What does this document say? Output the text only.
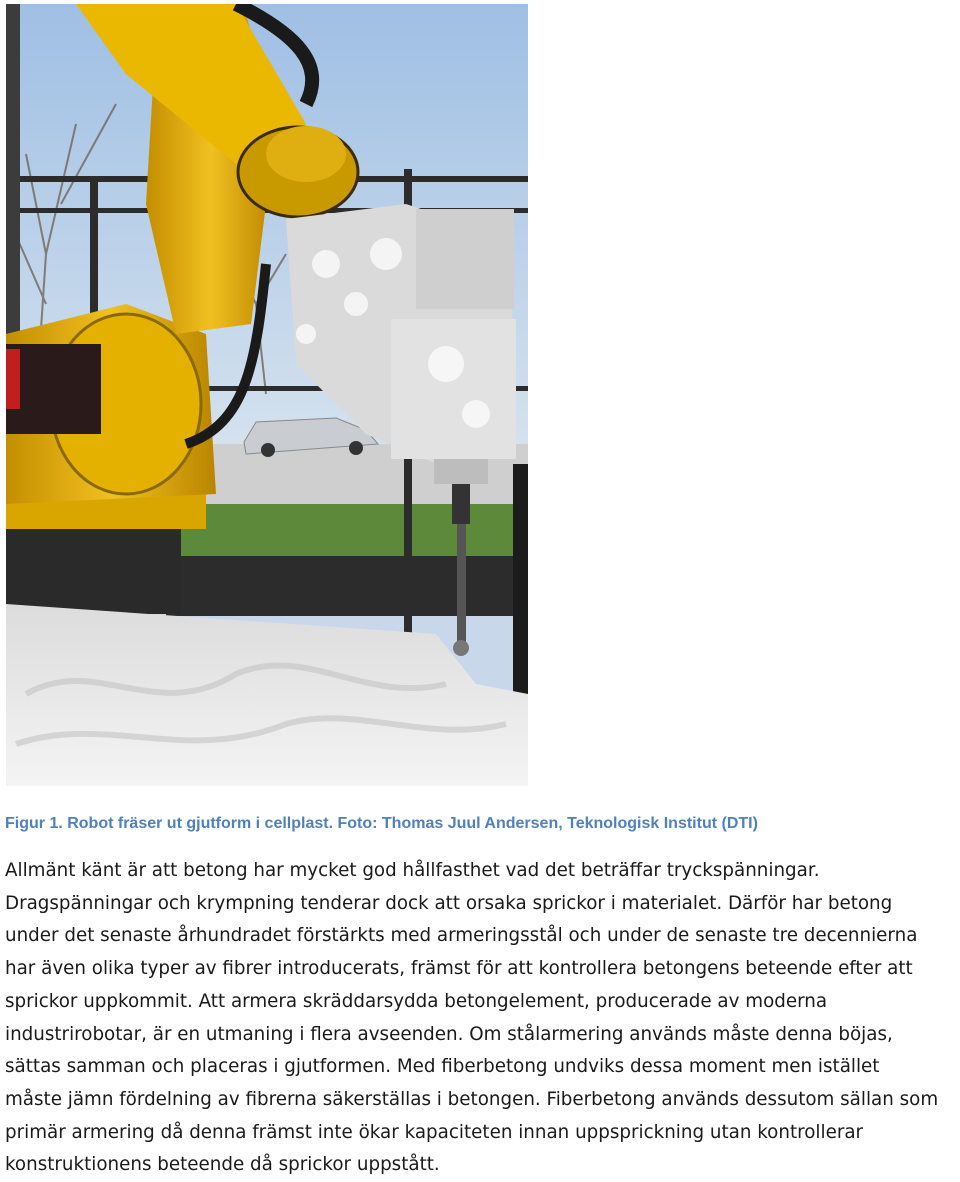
Figur 1. Robot fräser ut gjutform i cellplast. Foto: Thomas Juul Andersen, Teknologisk Institut (DTI)
Allmänt känt är att betong har mycket god hållfasthet vad det beträffar tryckspänningar.
Dragspänningar och krympning tenderar dock att orsaka sprickor i materialet. Därför har betong
under det senaste århundradet förstärkts med armeringsstål och under de senaste tre decennierna
har även olika typer av fibrer introducerats, främst för att kontrollera betongens beteende efter att
sprickor uppkommit. Att armera skräddarsydda betongelement, producerade av moderna
industrirobotar, är en utmaning i flera avseenden. Om stålarmering används måste denna böjas,
sättas samman och placeras i gjutformen. Med fiberbetong undviks dessa moment men istället
måste jämn fördelning av fibrerna säkerställas i betongen. Fiberbetong används dessutom sällan som
primär armering då denna främst inte ökar kapaciteten innan uppsprickning utan kontrollerar
konstruktionens beteende då sprickor uppstått.
